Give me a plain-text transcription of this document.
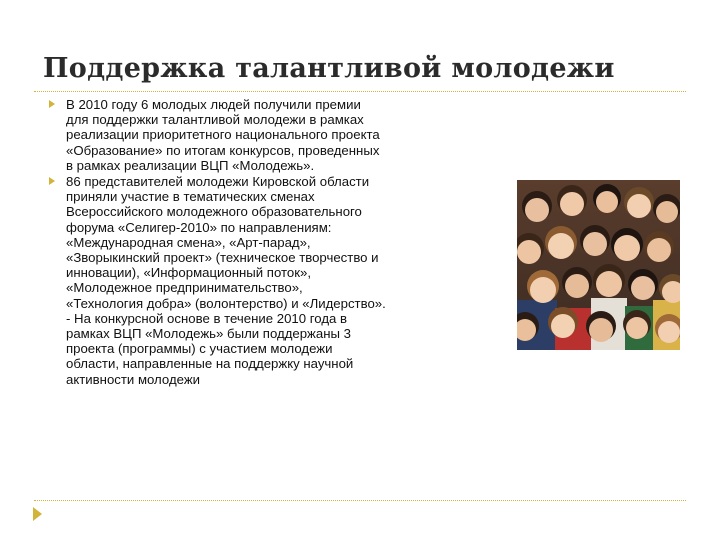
Поддержка талантливой молодежи

В 2010 году 6 молодых людей получили премии
для поддержки талантливой молодежи в рамках
реализации приоритетного национального проекта
«Образование» по итогам конкурсов, проведенных
в рамках реализации ВЦП «Молодежь».

86 представителей молодежи Кировской области
приняли участие в тематических сменах
Всероссийского молодежного образовательного
форума «Селигер-2010» по направлениям:
«Международная смена», «Арт-парад»,
«Зворыкинский проект» (техническое творчество и
инновации), «Информационный поток»,
«Молодежное предпринимательство»,
«Технология добра» (волонтерство) и «Лидерство».
- На конкурсной основе в течение 2010 года в
рамках ВЦП «Молодежь» были поддержаны 3
проекта (программы) с участием молодежи
области, направленные на поддержку научной
активности молодежи
